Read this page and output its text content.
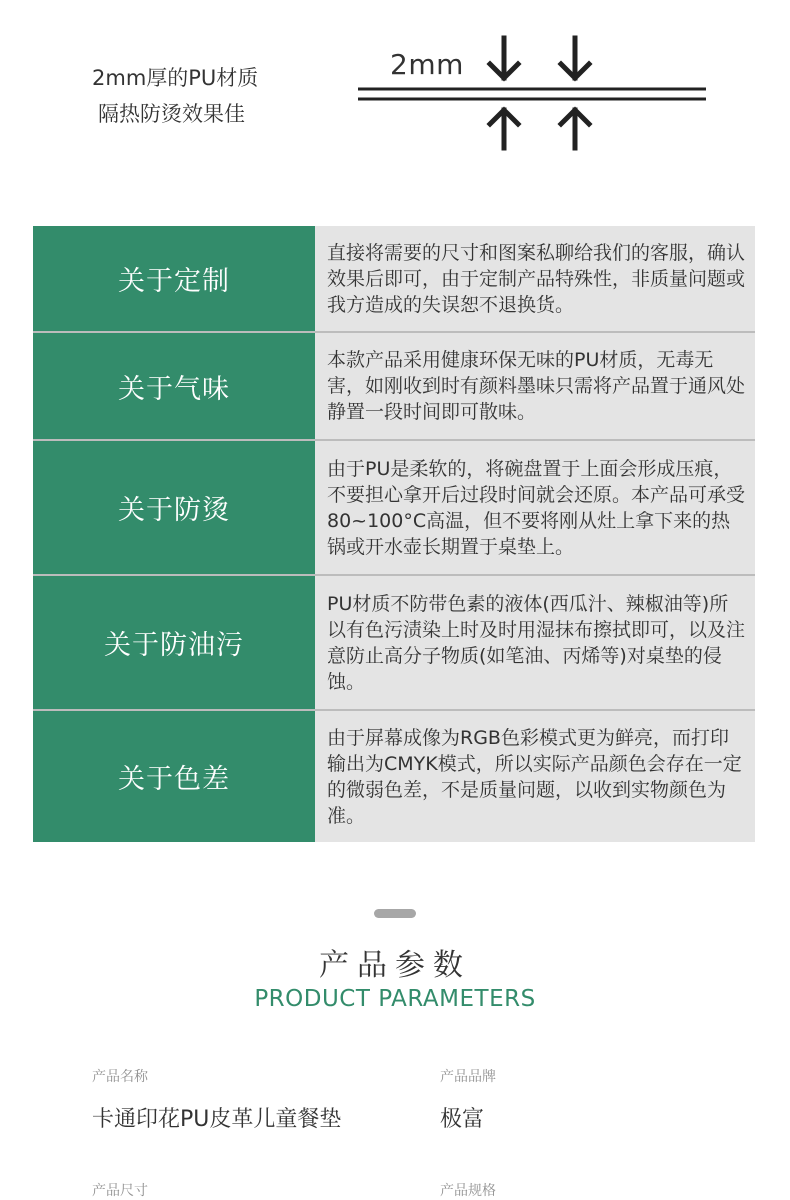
2mm厚的PU材质
隔热防烫效果佳
2mm
关于定制
直接将需要的尺寸和图案私聊给我们的客服，确认效果后即可，由于定制产品特殊性，非质量问题或我方造成的失误恕不退换货。
关于气味
本款产品采用健康环保无味的PU材质，无毒无害，如刚收到时有颜料墨味只需将产品置于通风处静置一段时间即可散味。
关于防烫
由于PU是柔软的，将碗盘置于上面会形成压痕，不要担心拿开后过段时间就会还原。本产品可承受80~100°C高温，但不要将刚从灶上拿下来的热锅或开水壶长期置于桌垫上。
关于防油污
PU材质不防带色素的液体(西瓜汁、辣椒油等)所以有色污渍染上时及时用湿抹布擦拭即可，以及注意防止高分子物质(如笔油、丙烯等)对桌垫的侵蚀。
关于色差
由于屏幕成像为RGB色彩模式更为鲜亮，而打印输出为CMYK模式，所以实际产品颜色会存在一定的微弱色差，不是质量问题，以收到实物颜色为准。
产品参数
PRODUCT PARAMETERS
产品名称
卡通印花PU皮革儿童餐垫
产品品牌
极富
产品尺寸	产品规格
